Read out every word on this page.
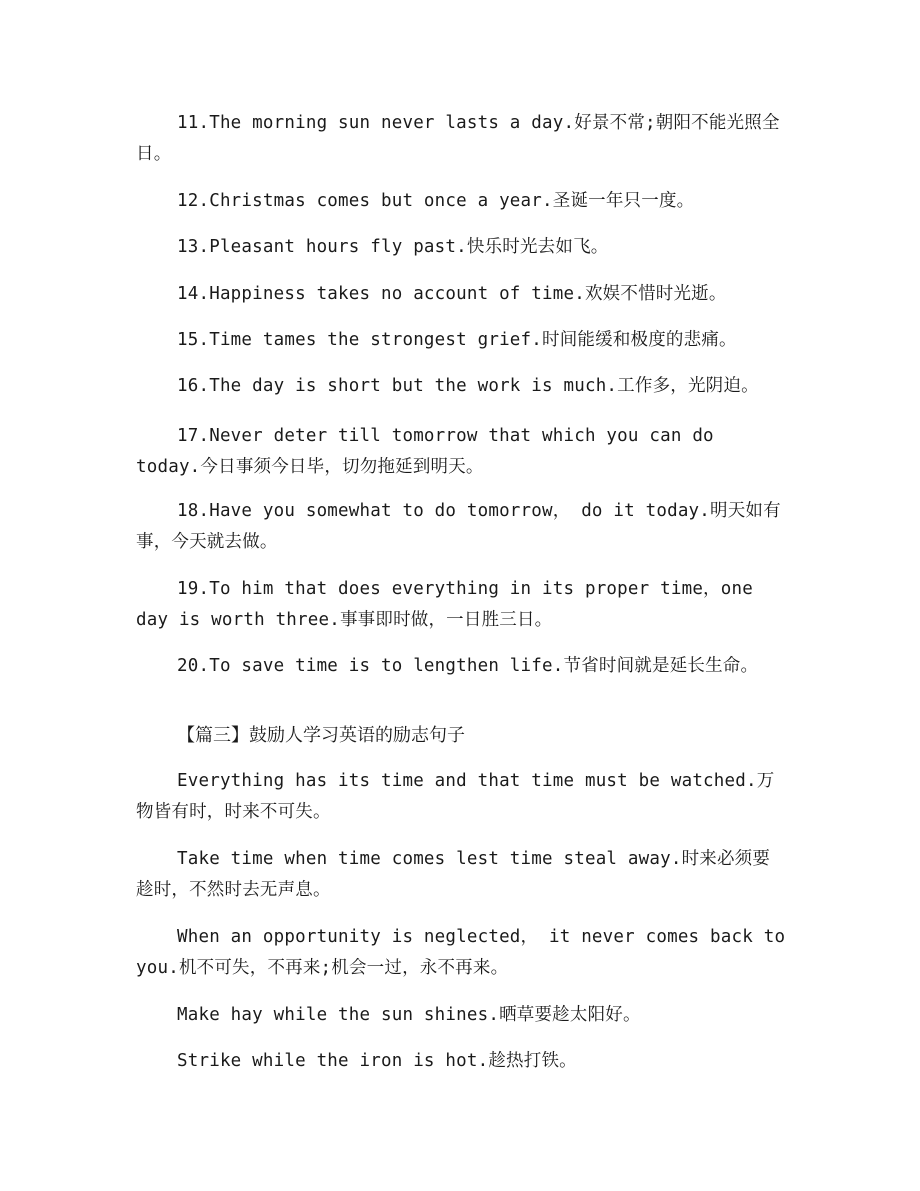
11.The morning sun never lasts a day.好景不常;朝阳不能光照全日。

12.Christmas comes but once a year.圣诞一年只一度。

13.Pleasant hours fly past.快乐时光去如飞。

14.Happiness takes no account of time.欢娱不惜时光逝。

15.Time tames the strongest grief.时间能缓和极度的悲痛。

16.The day is short but the work is much.工作多，光阴迫。

17.Never deter till tomorrow that which you can do today.今日事须今日毕，切勿拖延到明天。

18.Have you somewhat to do tomorrow， do it today.明天如有事，今天就去做。

19.To him that does everything in its proper time，one day is worth three.事事即时做，一日胜三日。

20.To save time is to lengthen life.节省时间就是延长生命。

【篇三】鼓励人学习英语的励志句子

Everything has its time and that time must be watched.万物皆有时，时来不可失。

Take time when time comes lest time steal away.时来必须要趁时，不然时去无声息。

When an opportunity is neglected， it never comes back to you.机不可失，不再来;机会一过，永不再来。

Make hay while the sun shines.晒草要趁太阳好。

Strike while the iron is hot.趁热打铁。
